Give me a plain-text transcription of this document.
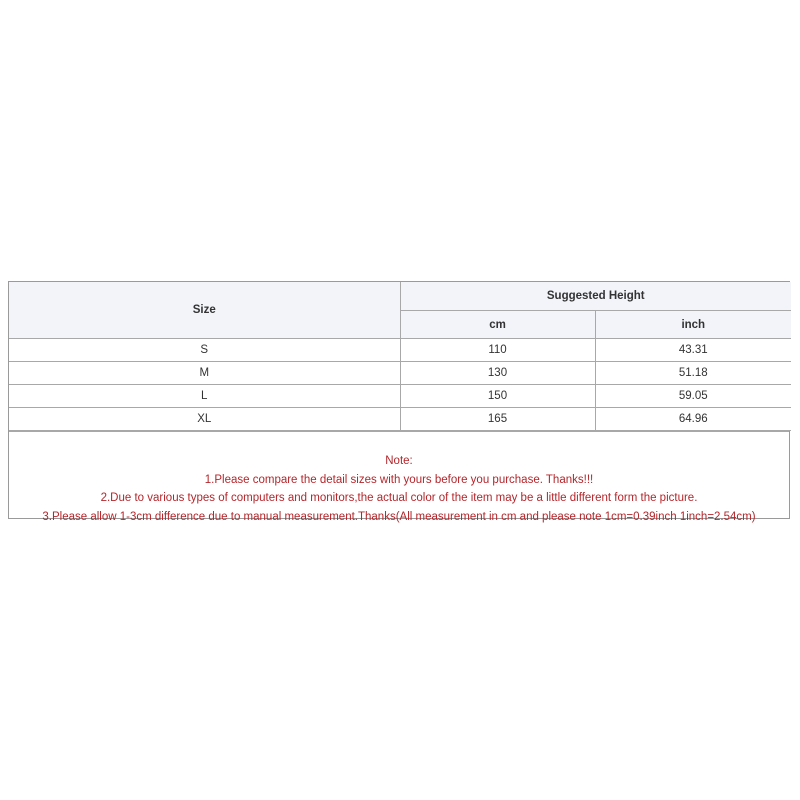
Size	Suggested Height	
	cm	inch
S	110	43.31
M	130	51.18
L	150	59.05
XL	165	64.96
Note:
1.Please compare the detail sizes with yours before you purchase. Thanks!!!
2.Due to various types of computers and monitors,the actual color of the item may be a little different form the picture.
3.Please allow 1-3cm difference due to manual measurement.Thanks(All measurement in cm and please note 1cm=0.39inch 1inch=2.54cm)
